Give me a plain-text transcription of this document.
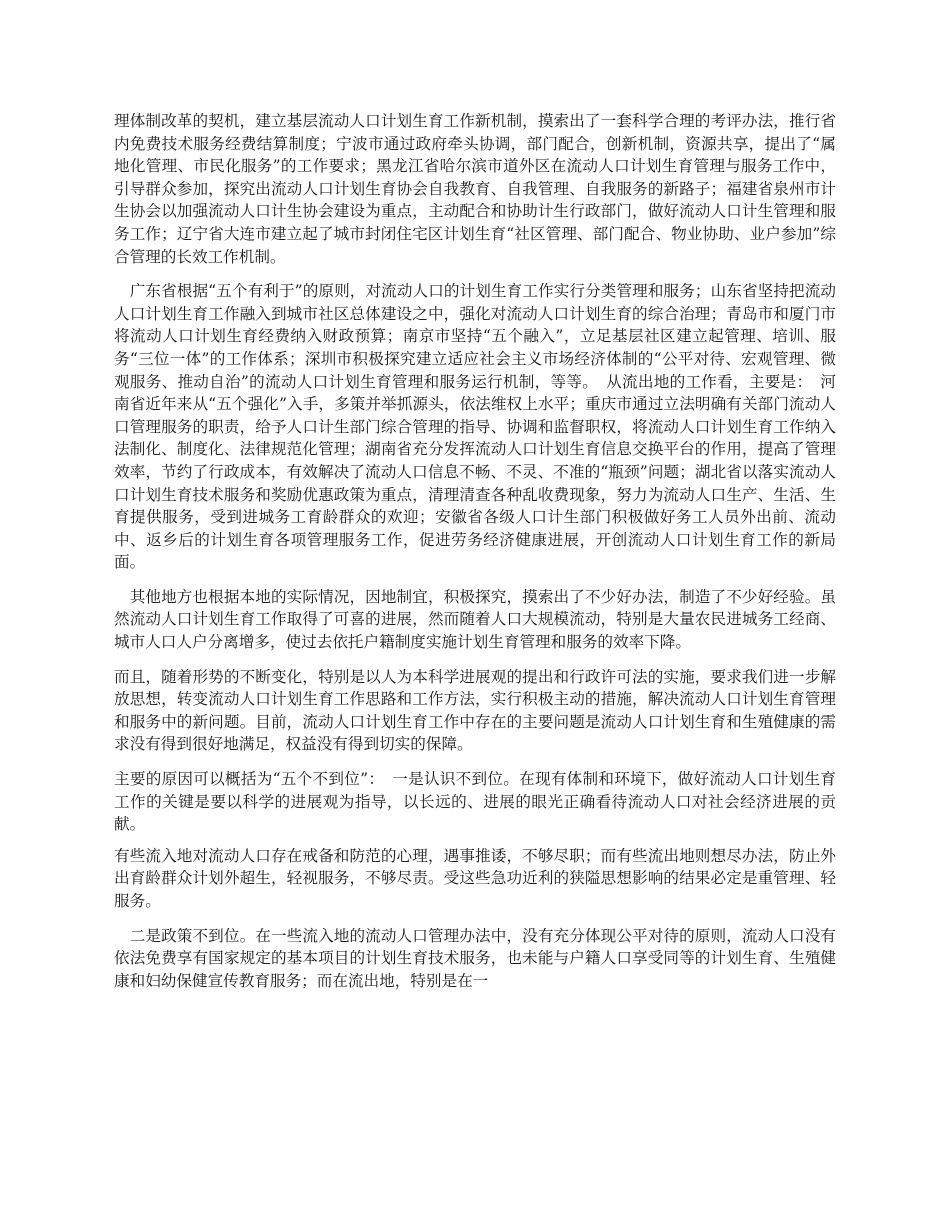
理体制改革的契机，建立基层流动人口计划生育工作新机制，摸索出了一套科学合理的考评办法，推行省内免费技术服务经费结算制度；宁波市通过政府牵头协调，部门配合，创新机制，资源共享，提出了“属地化管理、市民化服务”的工作要求；黑龙江省哈尔滨市道外区在流动人口计划生育管理与服务工作中，引导群众参加，探究出流动人口计划生育协会自我教育、自我管理、自我服务的新路子；福建省泉州市计生协会以加强流动人口计生协会建设为重点，主动配合和协助计生行政部门，做好流动人口计生管理和服务工作；辽宁省大连市建立起了城市封闭住宅区计划生育“社区管理、部门配合、物业协助、业户参加”综合管理的长效工作机制。

　广东省根据“五个有利于”的原则，对流动人口的计划生育工作实行分类管理和服务；山东省坚持把流动人口计划生育工作融入到城市社区总体建设之中，强化对流动人口计划生育的综合治理；青岛市和厦门市将流动人口计划生育经费纳入财政预算；南京市坚持“五个融入”，立足基层社区建立起管理、培训、服务“三位一体”的工作体系；深圳市积极探究建立适应社会主义市场经济体制的“公平对待、宏观管理、微观服务、推动自治”的流动人口计划生育管理和服务运行机制，等等。　从流出地的工作看，主要是：　河南省近年来从“五个强化”入手，多策并举抓源头，依法维权上水平；重庆市通过立法明确有关部门流动人口管理服务的职责，给予人口计生部门综合管理的指导、协调和监督职权，将流动人口计划生育工作纳入法制化、制度化、法律规范化管理；湖南省充分发挥流动人口计划生育信息交换平台的作用，提高了管理效率，节约了行政成本，有效解决了流动人口信息不畅、不灵、不准的“瓶颈”问题；湖北省以落实流动人口计划生育技术服务和奖励优惠政策为重点，清理清查各种乱收费现象，努力为流动人口生产、生活、生育提供服务，受到进城务工育龄群众的欢迎；安徽省各级人口计生部门积极做好务工人员外出前、流动中、返乡后的计划生育各项管理服务工作，促进劳务经济健康进展，开创流动人口计划生育工作的新局面。

　其他地方也根据本地的实际情况，因地制宜，积极探究，摸索出了不少好办法，制造了不少好经验。虽然流动人口计划生育工作取得了可喜的进展，然而随着人口大规模流动，特别是大量农民进城务工经商、城市人口人户分离增多，使过去依托户籍制度实施计划生育管理和服务的效率下降。

而且，随着形势的不断变化，特别是以人为本科学进展观的提出和行政许可法的实施，要求我们进一步解放思想，转变流动人口计划生育工作思路和工作方法，实行积极主动的措施，解决流动人口计划生育管理和服务中的新问题。目前，流动人口计划生育工作中存在的主要问题是流动人口计划生育和生殖健康的需求没有得到很好地满足，权益没有得到切实的保障。

主要的原因可以概括为“五个不到位”：　一是认识不到位。在现有体制和环境下，做好流动人口计划生育工作的关键是要以科学的进展观为指导，以长远的、进展的眼光正确看待流动人口对社会经济进展的贡献。

有些流入地对流动人口存在戒备和防范的心理，遇事推诿，不够尽职；而有些流出地则想尽办法，防止外出育龄群众计划外超生，轻视服务，不够尽责。受这些急功近利的狭隘思想影响的结果必定是重管理、轻服务。

　二是政策不到位。在一些流入地的流动人口管理办法中，没有充分体现公平对待的原则，流动人口没有依法免费享有国家规定的基本项目的计划生育技术服务，也未能与户籍人口享受同等的计划生育、生殖健康和妇幼保健宣传教育服务；而在流出地，特别是在一
